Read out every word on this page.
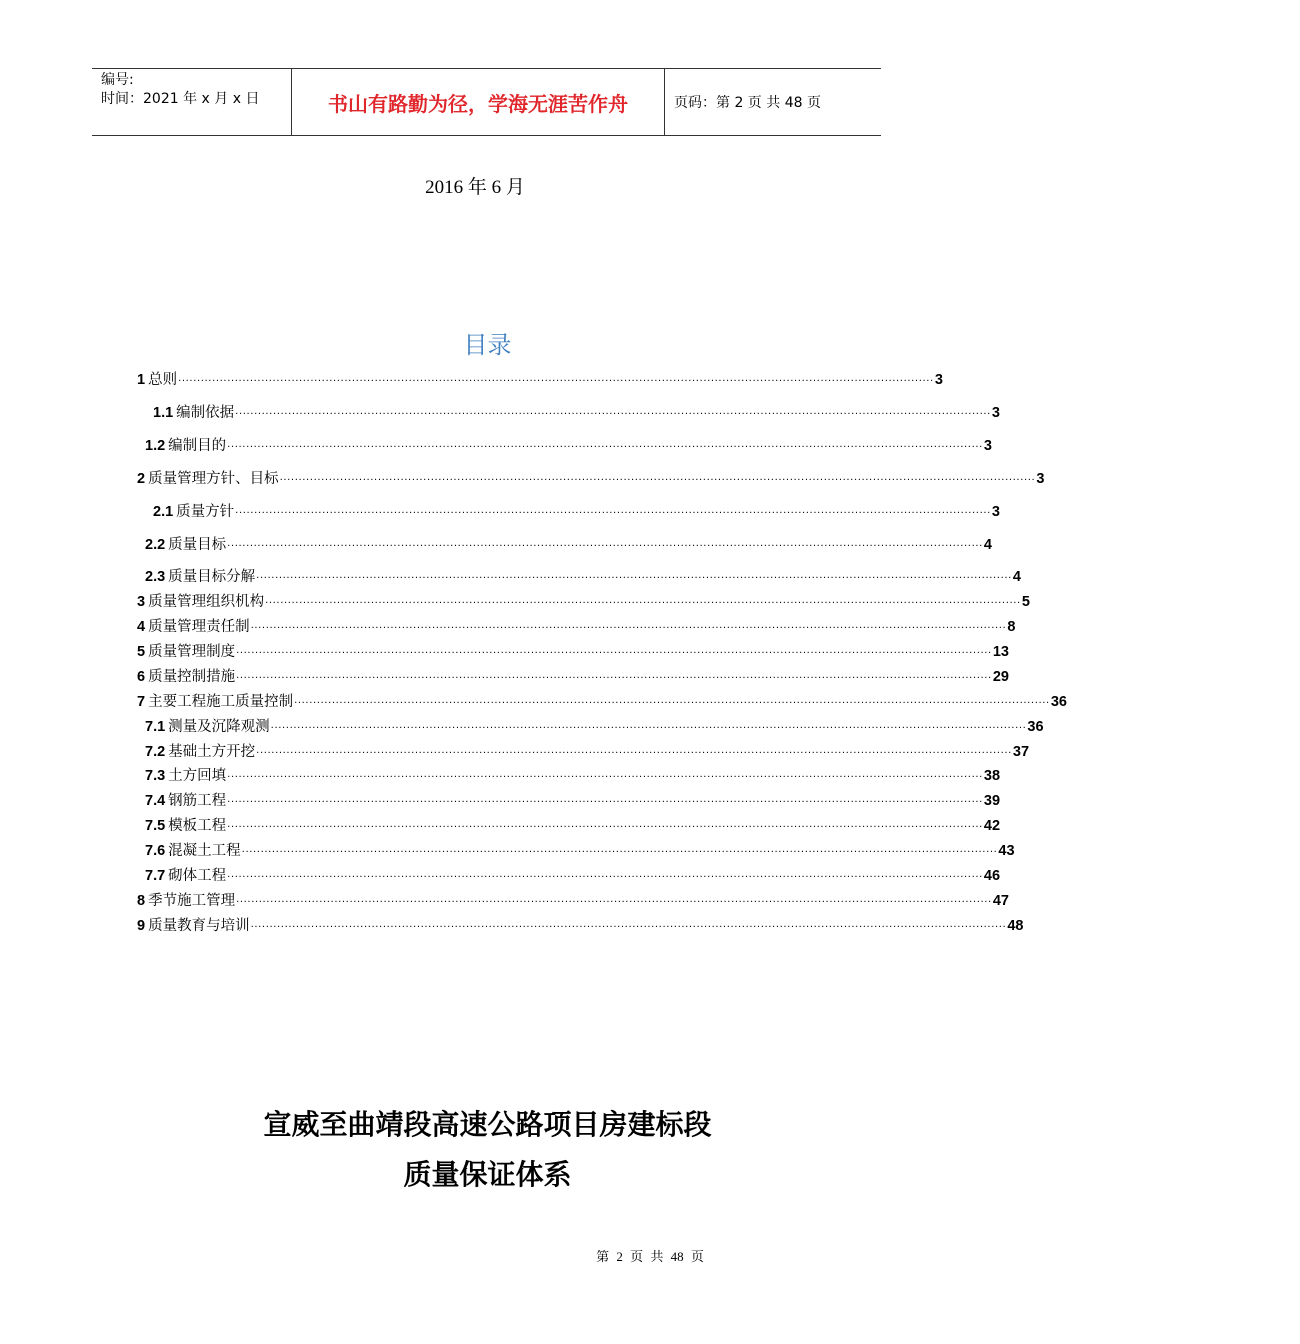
编号:
时间：2021 年 x 月 x 日	书山有路勤为径，学海无涯苦作舟	页码：第 2 页 共 48 页
2016 年 6 月
目录
1 总则 ········································································································································································································ 3
1.1 编制依据 ········································································································································································································ 3
1.2 编制目的 ········································································································································································································ 3
2 质量管理方针、目标 ········································································································································································································ 3
2.1 质量方针 ········································································································································································································ 3
2.2 质量目标 ········································································································································································································ 4
2.3 质量目标分解 ········································································································································································································ 4
3 质量管理组织机构 ········································································································································································································ 5
4 质量管理责任制 ········································································································································································································ 8
5 质量管理制度 ········································································································································································································ 13
6 质量控制措施 ········································································································································································································ 29
7 主要工程施工质量控制 ········································································································································································································ 36
7.1 测量及沉降观测 ········································································································································································································ 36
7.2 基础土方开挖 ········································································································································································································ 37
7.3 土方回填 ········································································································································································································ 38
7.4 钢筋工程 ········································································································································································································ 39
7.5 模板工程 ········································································································································································································ 42
7.6 混凝土工程 ········································································································································································································ 43
7.7 砌体工程 ········································································································································································································ 46
8 季节施工管理 ········································································································································································································ 47
9 质量教育与培训 ········································································································································································································ 48
宣威至曲靖段高速公路项目房建标段
质量保证体系
第 2 页 共 48 页
